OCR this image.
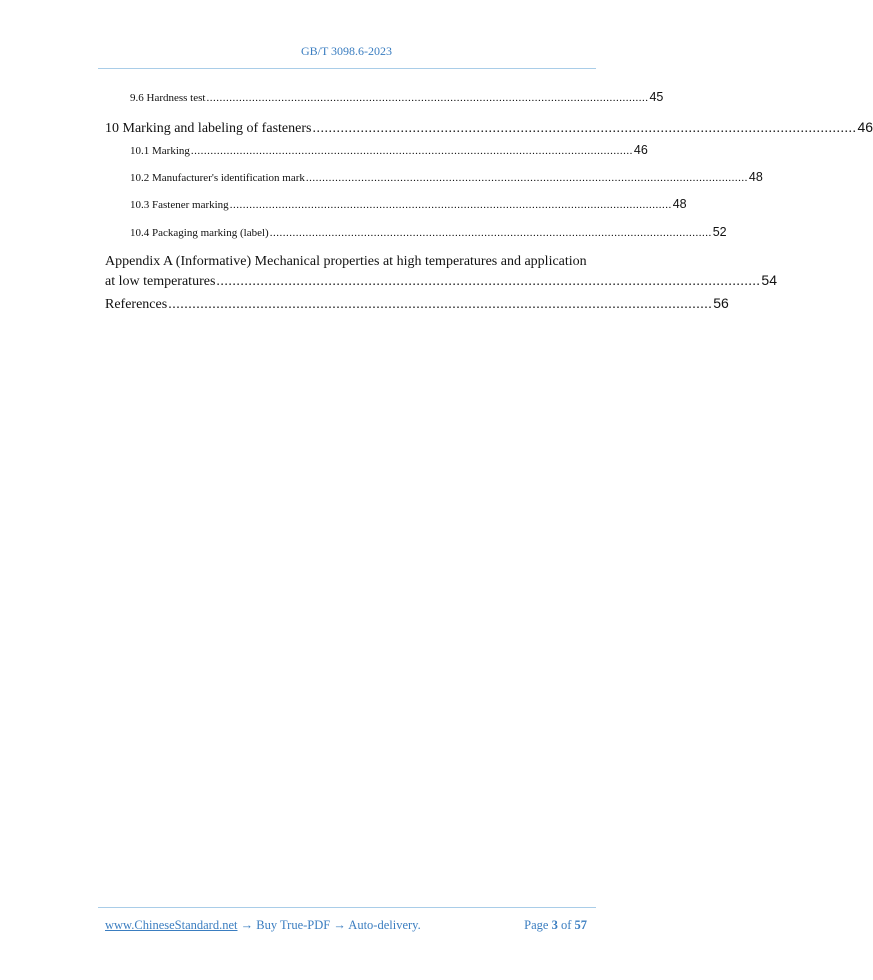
GB/T 3098.6-2023
9.6 Hardness test ........................................................................................................................................ 45
10 Marking and labeling of fasteners ........................................................................................................................................ 46
10.1 Marking ........................................................................................................................................ 46
10.2 Manufacturer's identification mark ........................................................................................................................................ 48
10.3 Fastener marking ........................................................................................................................................ 48
10.4 Packaging marking (label) ........................................................................................................................................ 52
Appendix A (Informative) Mechanical properties at high temperatures and application
at low temperatures ........................................................................................................................................ 54
References ........................................................................................................................................ 56
www.ChineseStandard.net → Buy True-PDF → Auto-delivery.	Page 3 of 57
